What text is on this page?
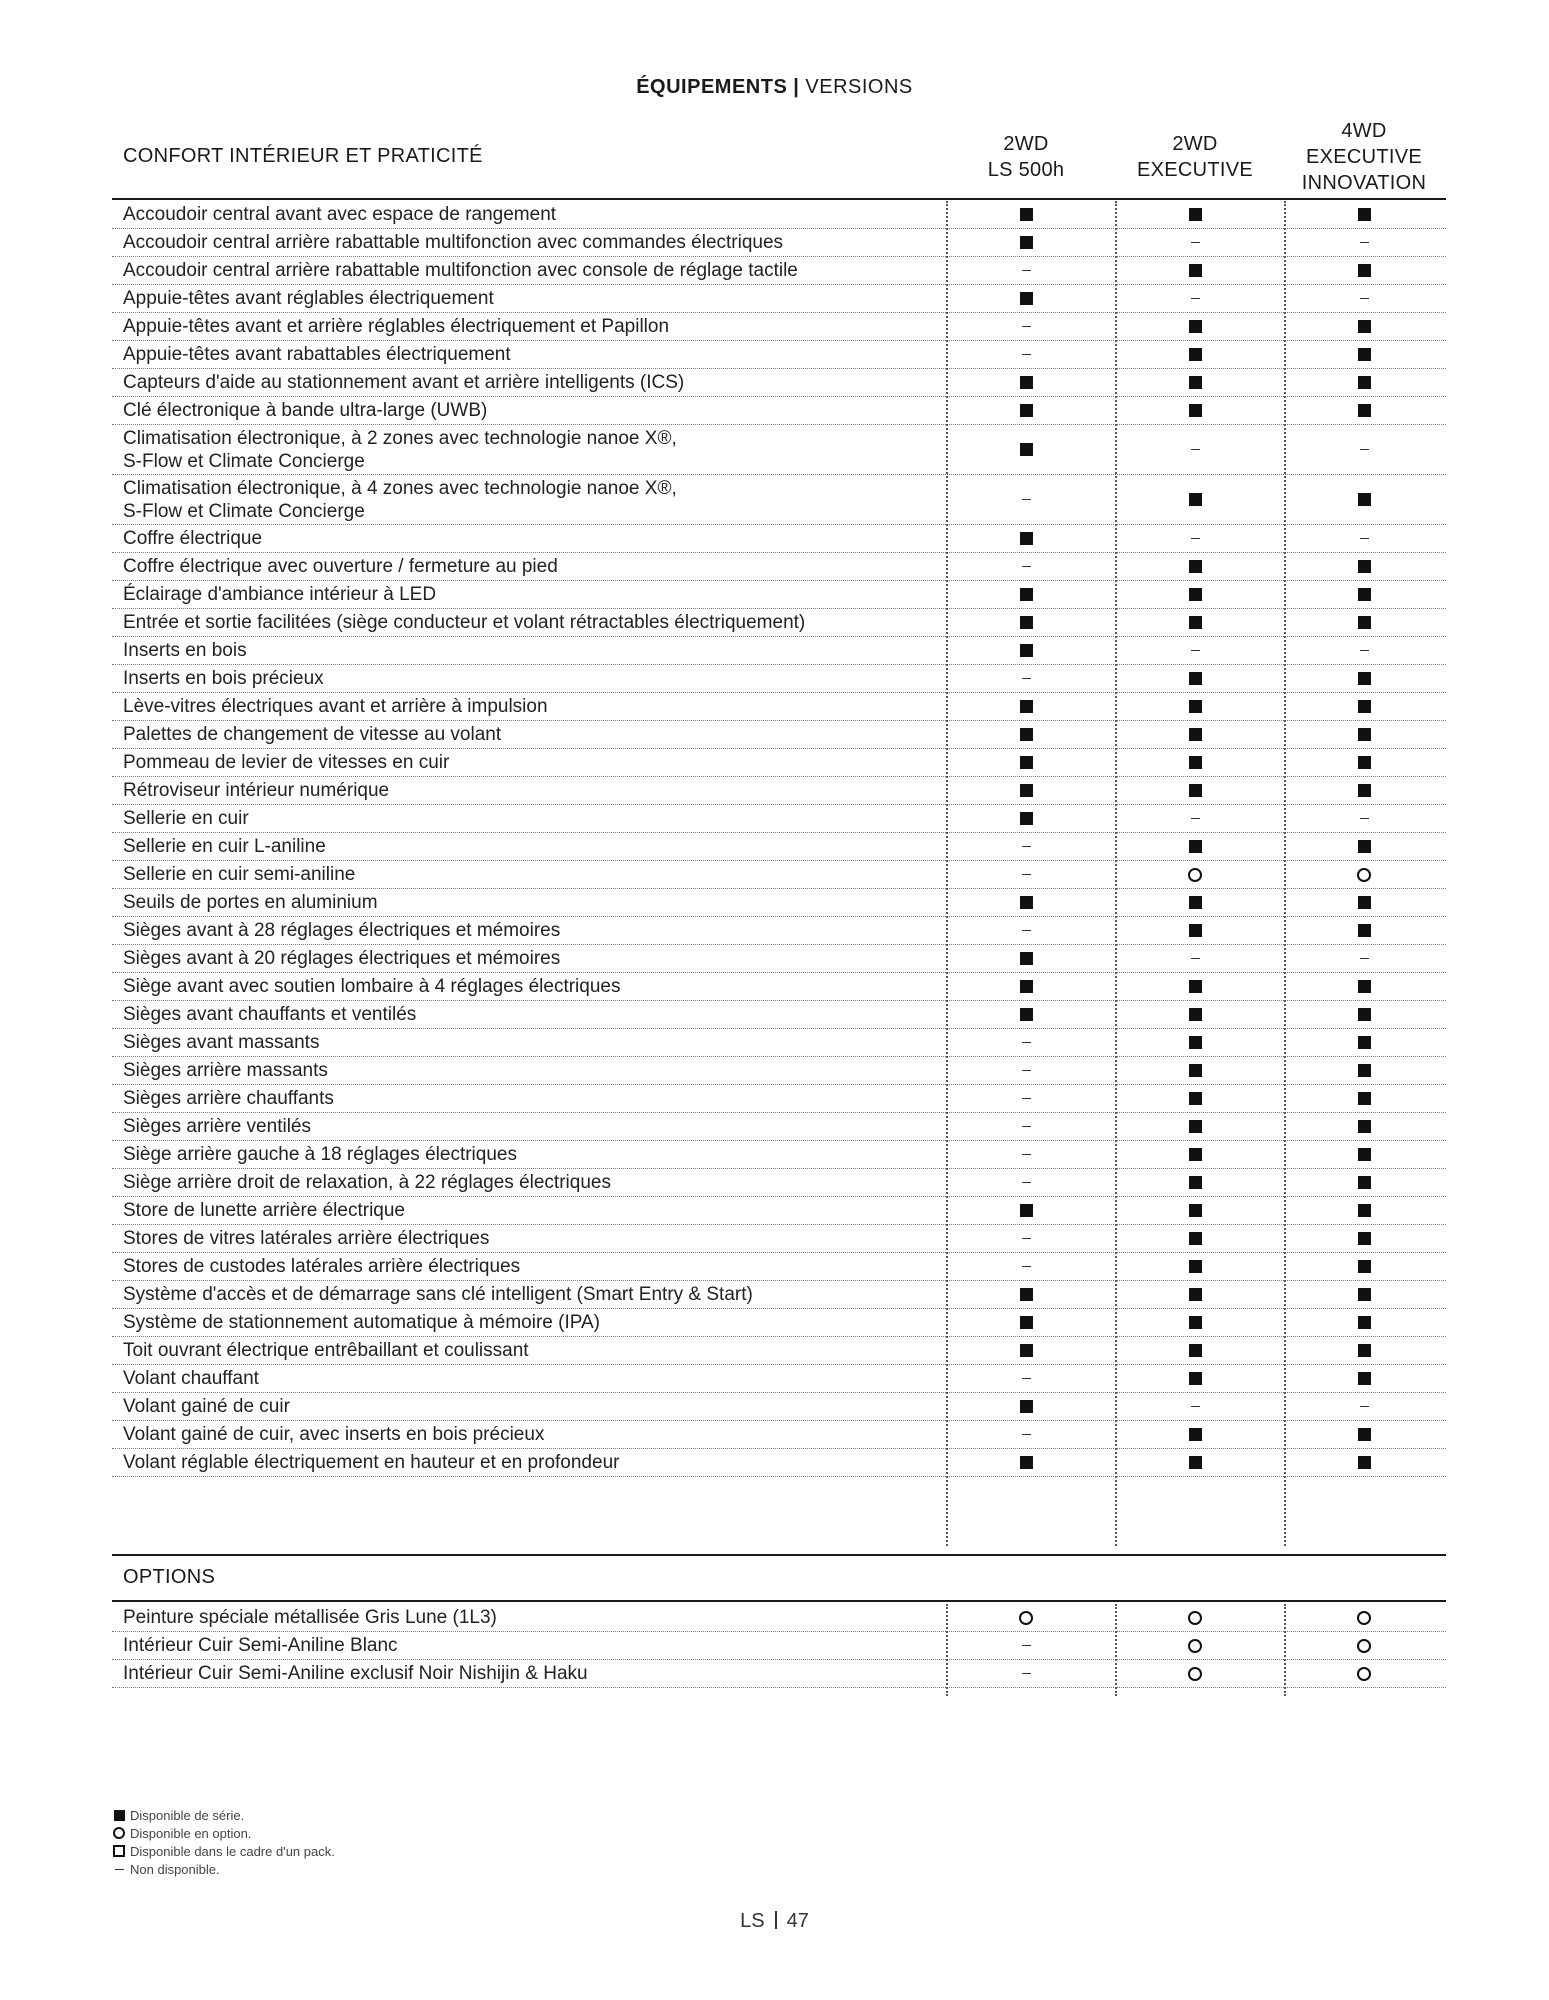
ÉQUIPEMENTS | VERSIONS
CONFORT INTÉRIEUR ET PRATICITÉ
2WD
LS 500h
2WD
EXECUTIVE
4WD
EXECUTIVE
INNOVATION
Accoudoir central avant avec espace de rangement
Accoudoir central arrière rabattable multifonction avec commandes électriques
Accoudoir central arrière rabattable multifonction avec console de réglage tactile
Appuie-têtes avant réglables électriquement
Appuie-têtes avant et arrière réglables électriquement et Papillon
Appuie-têtes avant rabattables électriquement
Capteurs d'aide au stationnement avant et arrière intelligents (ICS)
Clé électronique à bande ultra-large (UWB)
Climatisation électronique, à 2 zones avec technologie nanoe X®,
S-Flow et Climate Concierge
Climatisation électronique, à 4 zones avec technologie nanoe X®,
S-Flow et Climate Concierge
Coffre électrique
Coffre électrique avec ouverture / fermeture au pied
Éclairage d'ambiance intérieur à LED
Entrée et sortie facilitées (siège conducteur et volant rétractables électriquement)
Inserts en bois
Inserts en bois précieux
Lève-vitres électriques avant et arrière à impulsion
Palettes de changement de vitesse au volant
Pommeau de levier de vitesses en cuir
Rétroviseur intérieur numérique
Sellerie en cuir
Sellerie en cuir L-aniline
Sellerie en cuir semi-aniline
Seuils de portes en aluminium
Sièges avant à 28 réglages électriques et mémoires
Sièges avant à 20 réglages électriques et mémoires
Siège avant avec soutien lombaire à 4 réglages électriques
Sièges avant chauffants et ventilés
Sièges avant massants
Sièges arrière massants
Sièges arrière chauffants
Sièges arrière ventilés
Siège arrière gauche à 18 réglages électriques
Siège arrière droit de relaxation, à 22 réglages électriques
Store de lunette arrière électrique
Stores de vitres latérales arrière électriques
Stores de custodes latérales arrière électriques
Système d'accès et de démarrage sans clé intelligent (Smart Entry & Start)
Système de stationnement automatique à mémoire (IPA)
Toit ouvrant électrique entrêbaillant et coulissant
Volant chauffant
Volant gainé de cuir
Volant gainé de cuir, avec inserts en bois précieux
Volant réglable électriquement en hauteur et en profondeur
OPTIONS
Peinture spéciale métallisée Gris Lune (1L3)
Intérieur Cuir Semi-Aniline Blanc
Intérieur Cuir Semi-Aniline exclusif Noir Nishijin & Haku
Disponible de série.
Disponible en option.
Disponible dans le cadre d'un pack.
Non disponible.
LS 47
